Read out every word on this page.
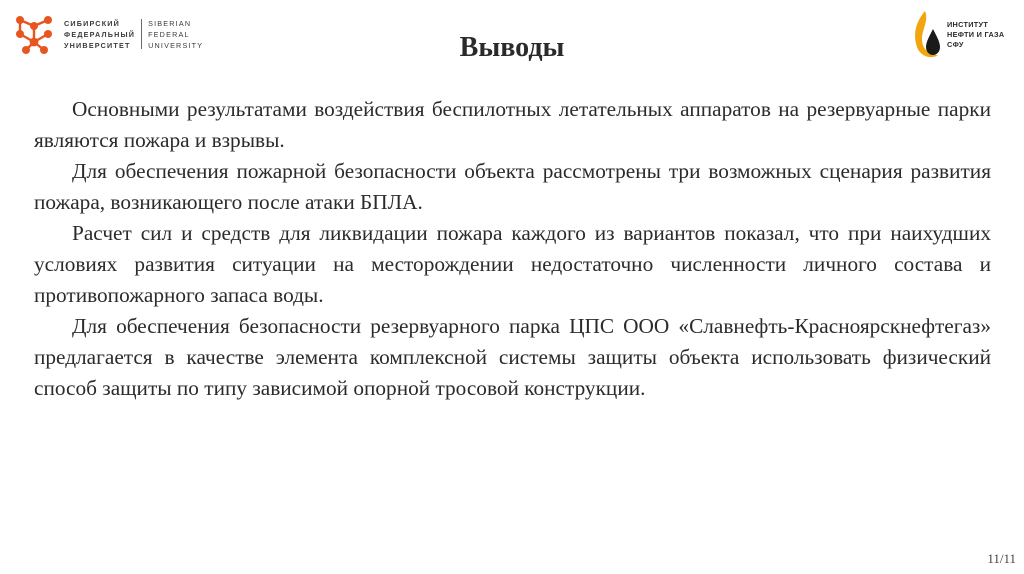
СИБИРСКИЙ
ФЕДЕРАЛЬНЫЙ
УНИВЕРСИТЕТ
SIBERIAN
FEDERAL
UNIVERSITY
ИНСТИТУТ
НЕФТИ И ГАЗА
СФУ
Выводы

Основными результатами воздействия беспилотных летательных аппаратов на резервуарные парки являются пожара и взрывы.

Для обеспечения пожарной безопасности объекта рассмотрены три возможных сценария развития пожара, возникающего после атаки БПЛА.

Расчет сил и средств для ликвидации пожара каждого из вариантов показал, что при наихудших условиях развития ситуации на месторождении недостаточно численности личного состава и противопожарного запаса воды.

Для обеспечения безопасности резервуарного парка ЦПС ООО «Славнефть-Красноярскнефтегаз» предлагается в качестве элемента комплексной системы защиты объекта использовать физический способ защиты по типу зависимой опорной тросовой конструкции.

11/11
